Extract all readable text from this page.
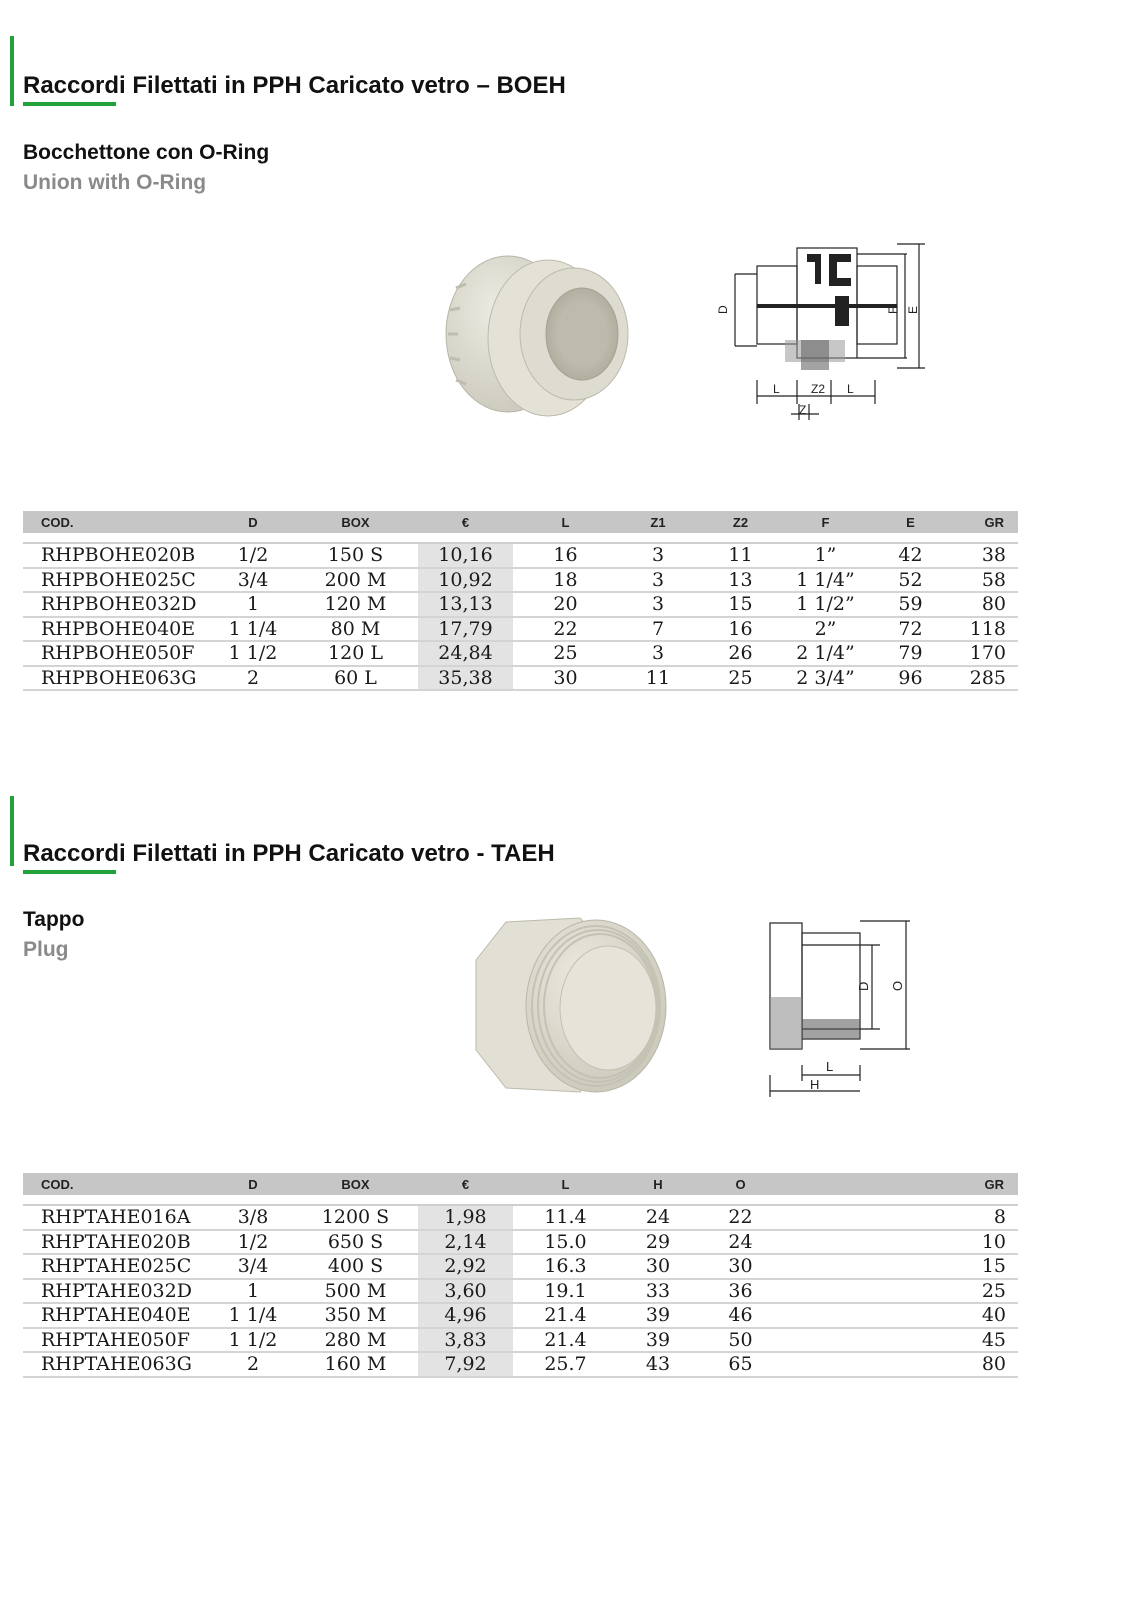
Raccordi Filettati in PPH Caricato vetro – BOEH
Bocchettone con O-Ring
Union with O-Ring
D	F E
L	Z2 L
Z
COD.	D	BOX	€	L	Z1	Z2	F	E	GR

RHPBOHE020B	1/2	150 S	10,16	16	3	11	1”	42	38
RHPBOHE025C	3/4	200 M	10,92	18	3	13	1 1/4”	52	58
RHPBOHE032D	1	120 M	13,13	20	3	15	1 1/2”	59	80
RHPBOHE040E	1 1/4	80 M	17,79	22	7	16	2”	72	118
RHPBOHE050F	1 1/2	120 L	24,84	25	3	26	2 1/4”	79	170
RHPBOHE063G	2	60 L	35,38	30	11	25	2 3/4”	96	285
Raccordi Filettati in PPH Caricato vetro - TAEH
Tappo
Plug
D O
L
H
COD.	D	BOX	€	L	H	O			GR

RHPTAHE016A	3/8	1200 S	1,98	11.4	24	22			8
RHPTAHE020B	1/2	650 S	2,14	15.0	29	24			10
RHPTAHE025C	3/4	400 S	2,92	16.3	30	30			15
RHPTAHE032D	1	500 M	3,60	19.1	33	36			25
RHPTAHE040E	1 1/4	350 M	4,96	21.4	39	46			40
RHPTAHE050F	1 1/2	280 M	3,83	21.4	39	50			45
RHPTAHE063G	2	160 M	7,92	25.7	43	65			80
